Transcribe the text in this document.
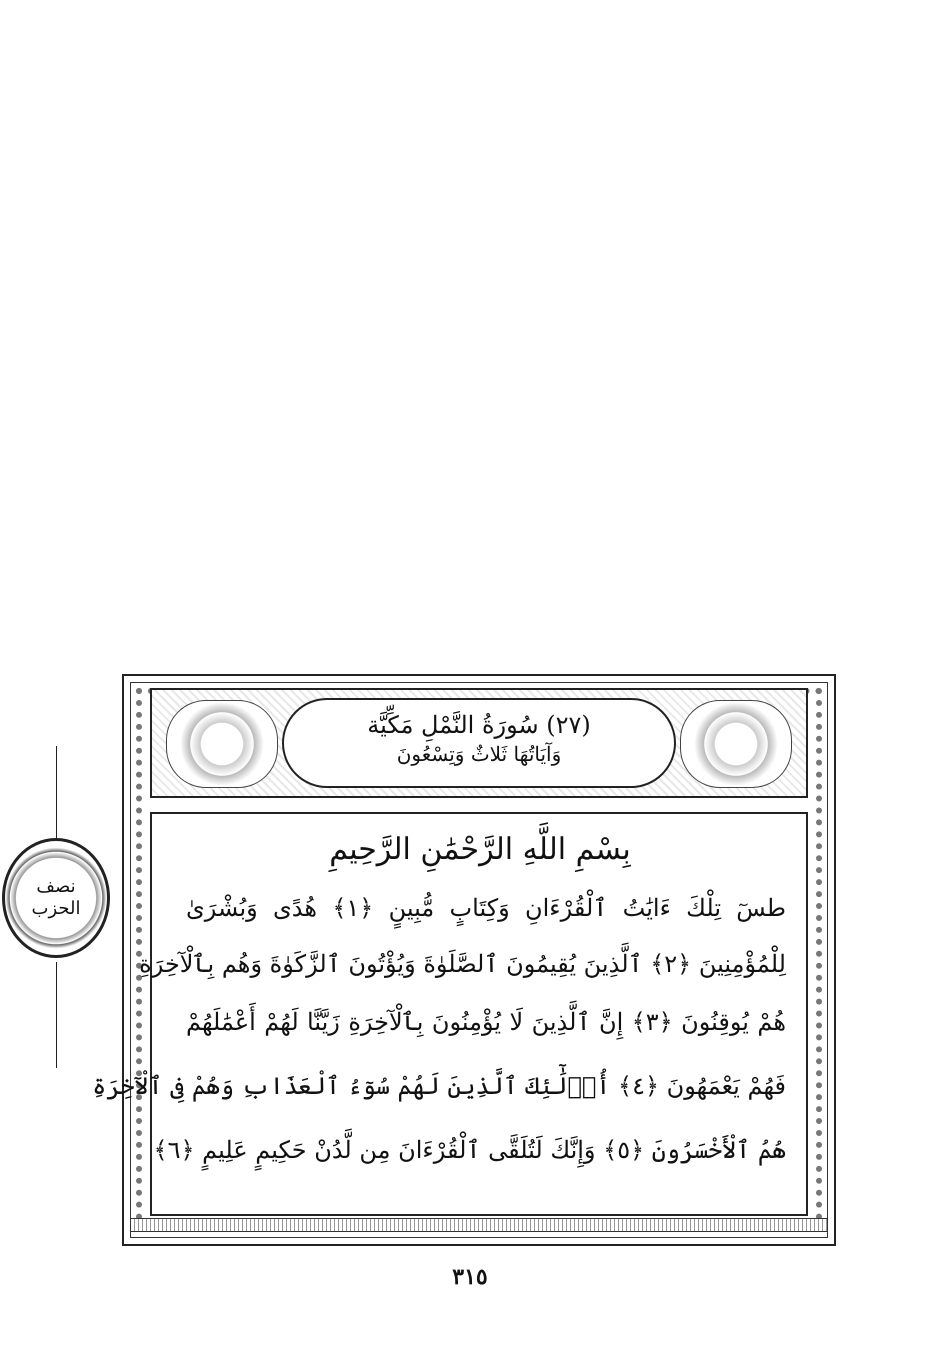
(٢٧) سُورَةُ النَّمْلِ مَكِّيَّة
وَآيَاتُهَا ثَلاثٌ وَتِسْعُونَ
بِسْمِ اللَّهِ الرَّحْمَٰنِ الرَّحِيمِ
طسٓ تِلْكَ ءَايَٰتُ ٱلْقُرْءَانِ وَكِتَابٍ مُّبِينٍ ﴿١﴾ هُدًى وَبُشْرَىٰ
لِلْمُؤْمِنِينَ ﴿٢﴾ ٱلَّذِينَ يُقِيمُونَ ٱلصَّلَوٰةَ وَيُؤْتُونَ ٱلزَّكَوٰةَ وَهُم بِٱلْآخِرَةِ
هُمْ يُوقِنُونَ ﴿٣﴾ إِنَّ ٱلَّذِينَ لَا يُؤْمِنُونَ بِٱلْآخِرَةِ زَيَّنَّا لَهُمْ أَعْمَٰلَهُمْ
فَهُمْ يَعْمَهُونَ ﴿٤﴾ أُو۟لَٰٓئِكَ ٱلَّذِينَ لَهُمْ سُوٓءُ ٱلْعَذَابِ وَهُمْ فِى ٱلْآخِرَةِ
هُمُ ٱلْأَخْسَرُونَ ﴿٥﴾ وَإِنَّكَ لَتُلَقَّى ٱلْقُرْءَانَ مِن لَّدُنْ حَكِيمٍ عَلِيمٍ ﴿٦﴾
نصف
الحزب
٣١٥
